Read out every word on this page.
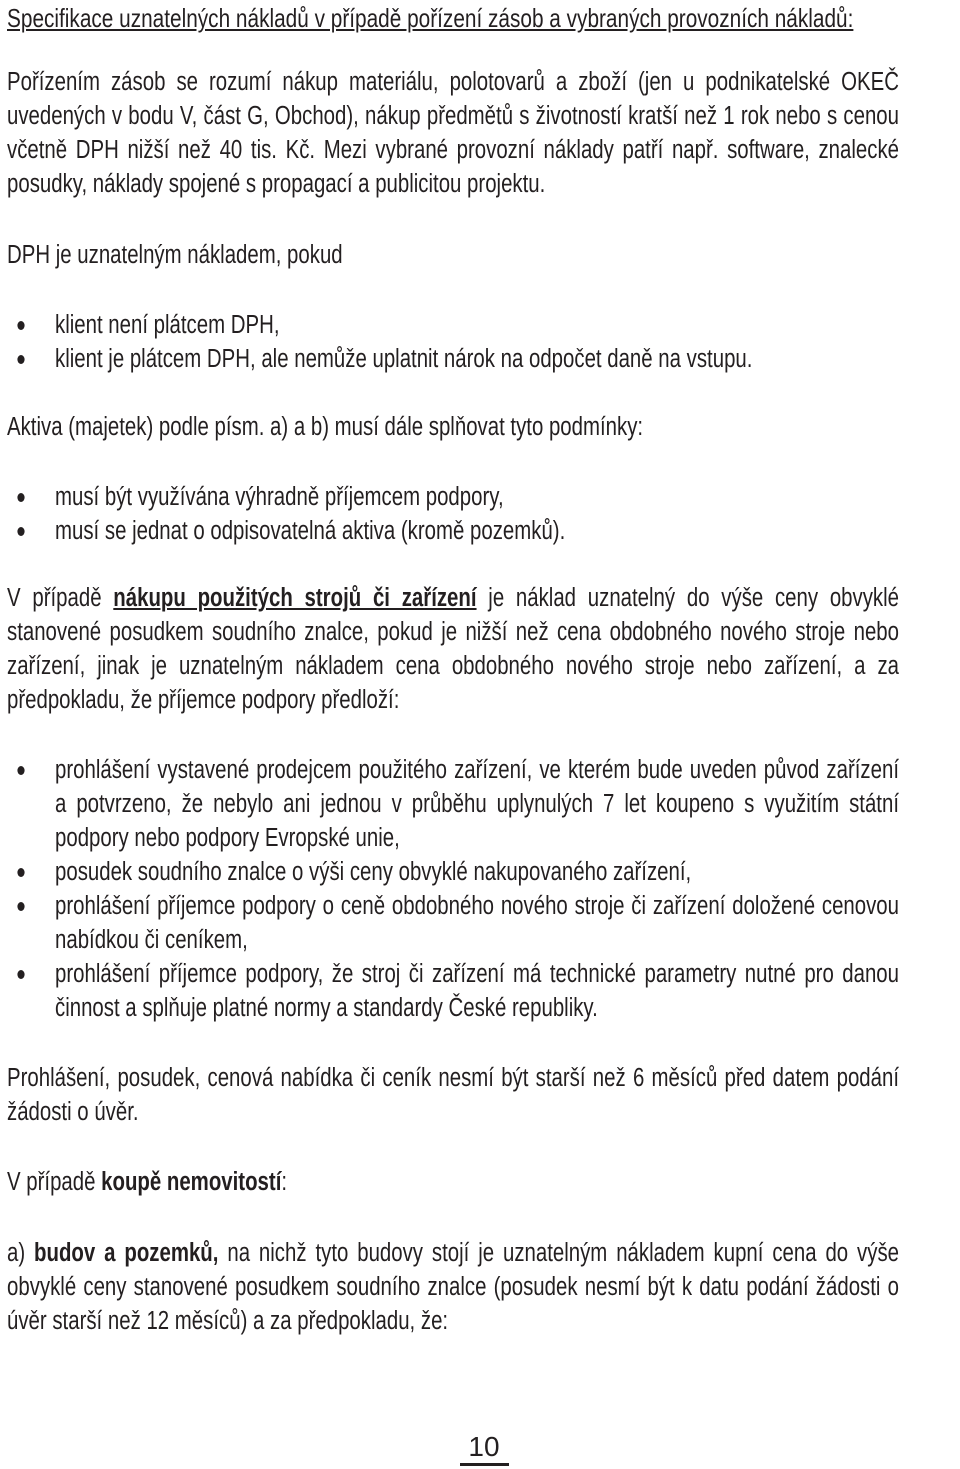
Specifikace uznatelných nákladů v případě pořízení zásob a vybraných provozních nákladů:

Pořízením zásob se rozumí nákup materiálu, polotovarů a zboží (jen u podnikatelské OKEČ uvedených v bodu V, část G, Obchod), nákup předmětů s životností kratší než 1 rok nebo s cenou včetně DPH nižší než 40 tis. Kč. Mezi vybrané provozní náklady patří např. software, znalecké posudky, náklady spojené s propagací a publicitou projektu.

DPH je uznatelným nákladem, pokud

klient není plátcem DPH,
klient je plátcem DPH, ale nemůže uplatnit nárok na odpočet daně na vstupu.

Aktiva (majetek) podle písm. a) a b) musí dále splňovat tyto podmínky:

musí být využívána výhradně příjemcem podpory,
musí se jednat o odpisovatelná aktiva (kromě pozemků).

V případě nákupu použitých strojů či zařízení je náklad uznatelný do výše ceny obvyklé stanovené posudkem soudního znalce, pokud je nižší než cena obdobného nového stroje nebo zařízení, jinak je uznatelným nákladem cena obdobného nového stroje nebo zařízení, a za předpokladu, že příjemce podpory předloží:

prohlášení vystavené prodejcem použitého zařízení, ve kterém bude uveden původ zařízení a potvrzeno, že nebylo ani jednou v průběhu uplynulých 7 let koupeno s využitím státní podpory nebo podpory Evropské unie,
posudek soudního znalce o výši ceny obvyklé nakupovaného zařízení,
prohlášení příjemce podpory o ceně obdobného nového stroje či zařízení doložené cenovou nabídkou či ceníkem,
prohlášení příjemce podpory, že stroj či zařízení má technické parametry nutné pro danou činnost a splňuje platné normy a standardy České republiky.

Prohlášení, posudek, cenová nabídka či ceník nesmí být starší než 6 měsíců před datem podání žádosti o úvěr.

V případě koupě nemovitostí:

a) budov a pozemků, na nichž tyto budovy stojí je uznatelným nákladem kupní cena do výše obvyklé ceny stanovené posudkem soudního znalce (posudek nesmí být k datu podání žádosti o úvěr starší než 12 měsíců) a za předpokladu, že:

10
